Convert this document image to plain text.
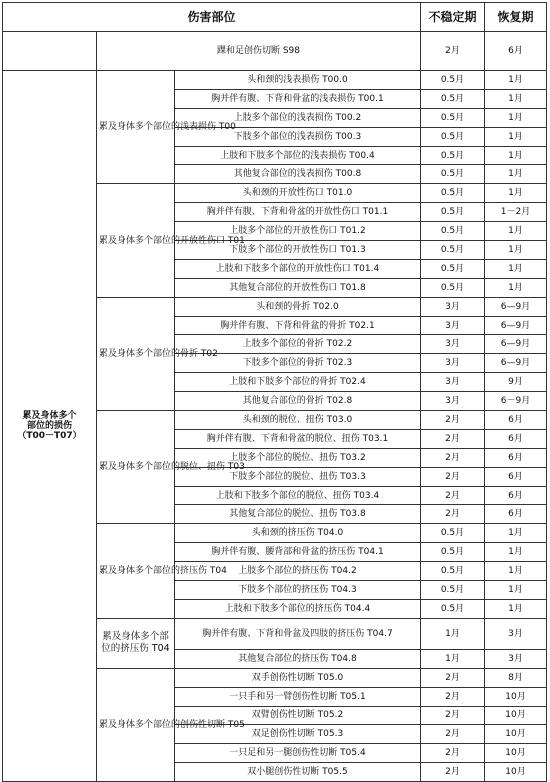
伤害部位			不稳定期	恢复期
	踝和足创伤切断 S98		2月	6月

累及身体多个
部位的损伤
（T00－T07）	累及身体多个部位的浅表损伤 T00	头和颈的浅表损伤 T00.0	0.5月	1月
		胸并伴有腹、下背和骨盆的浅表损伤 T00.1	0.5月	1月
		上肢多个部位的浅表损伤 T00.2	0.5月	1月
		下肢多个部位的浅表损伤 T00.3	0.5月	1月
		上肢和下肢多个部位的浅表损伤 T00.4	0.5月	1月
		其他复合部位的浅表损伤 T00.8	0.5月	1月
	累及身体多个部位的开放性伤口 T01	头和颈的开放性伤口 T01.0	0.5月	1月
		胸并伴有腹、下背和骨盆的开放性伤口 T01.1	0.5月	1－2月
		上肢多个部位的开放性伤口 T01.2	0.5月	1月
		下肢多个部位的开放性伤口 T01.3	0.5月	1月
		上肢和下肢多个部位的开放性伤口 T01.4	0.5月	1月
		其他复合部位的开放性伤口 T01.8	0.5月	1月
	累及身体多个部位的骨折 T02	头和颈的骨折 T02.0	3月	6—9月
		胸并伴有腹、下背和骨盆的骨折 T02.1	3月	6—9月
		上肢多个部位的骨折 T02.2	3月	6—9月
		下肢多个部位的骨折 T02.3	3月	6—9月
		上肢和下肢多个部位的骨折 T02.4	3月	9月
		其他复合部位的骨折 T02.8	3月	6－9月
	累及身体多个部位的脱位、扭伤 T03	头和颈的脱位、扭伤 T03.0	2月	6月
		胸并伴有腹、下背和骨盆的脱位、扭伤 T03.1	2月	6月
		上肢多个部位的脱位、扭伤 T03.2	2月	6月
		下肢多个部位的脱位、扭伤 T03.3	2月	6月
		上肢和下肢多个部位的脱位、扭伤 T03.4	2月	6月
		其他复合部位的脱位、扭伤 T03.8	2月	6月
	累及身体多个部位的挤压伤 T04	头和颈的挤压伤 T04.0	0.5月	1月
		胸并伴有腹、腰背部和骨盆的挤压伤 T04.1	0.5月	1月
		上肢多个部位的挤压伤 T04.2	0.5月	1月
		下肢多个部位的挤压伤 T04.3	0.5月	1月
		上肢和下肢多个部位的挤压伤 T04.4	0.5月	1月
	累及身体多个部位的挤压伤 T04	胸并伴有腹、下背和骨盆及四肢的挤压伤 T04.7	1月	3月
		其他复合部位的挤压伤 T04.8	1月	3月
	累及身体多个部位的创伤性切断 T05	双手创伤性切断 T05.0	2月	8月
		一只手和另一臂创伤性切断 T05.1	2月	10月
		双臂创伤性切断 T05.2	2月	10月
		双足创伤性切断 T05.3	2月	10月
		一只足和另一腿创伤性切断 T05.4	2月	10月
		双小腿创伤性切断 T05.5	2月	10月
